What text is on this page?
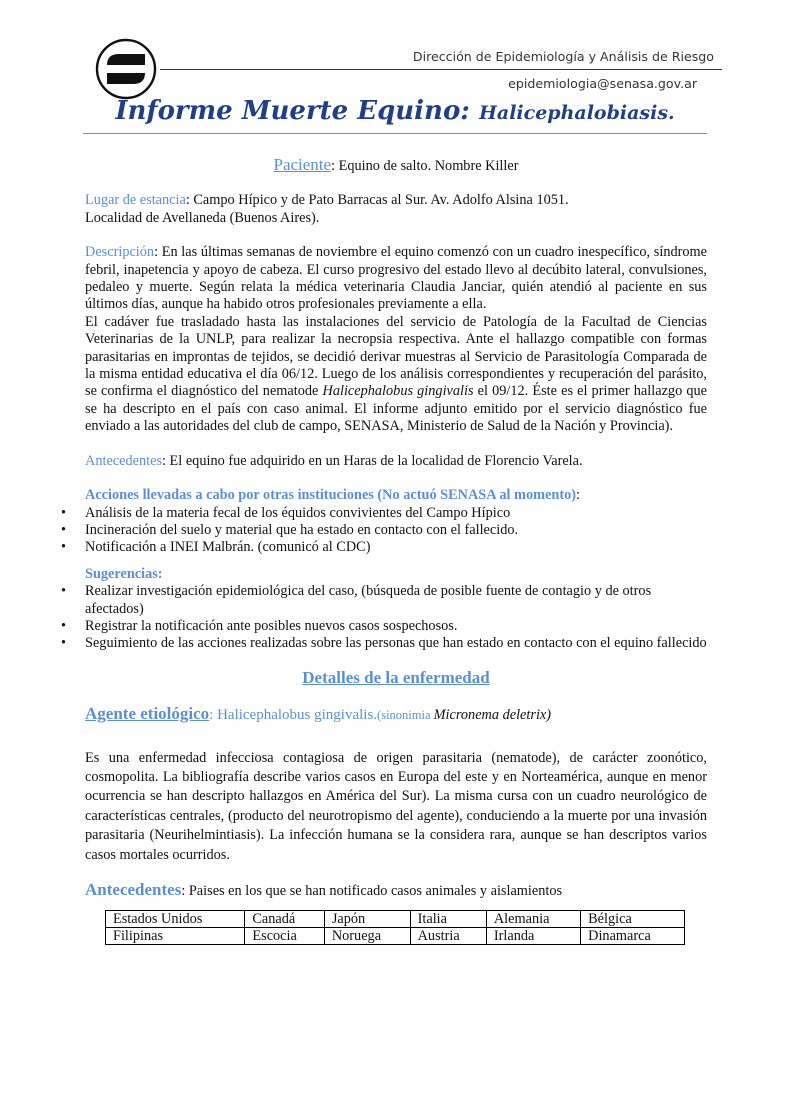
Dirección de Epidemiología y Análisis de Riesgo
epidemiologia@senasa.gov.ar
Informe Muerte Equino: Halicephalobiasis.

Paciente: Equino de salto. Nombre Killer

Lugar de estancia: Campo Hípico y de Pato Barracas al Sur. Av. Adolfo Alsina 1051.
Localidad de Avellaneda (Buenos Aires).

Descripción: En las últimas semanas de noviembre el equino comenzó con un cuadro inespecífico, síndrome febril, inapetencia y apoyo de cabeza. El curso progresivo del estado llevo al decúbito lateral, convulsiones, pedaleo y muerte. Según relata la médica veterinaria Claudia Janciar, quién atendió al paciente en sus últimos días, aunque ha habido otros profesionales previamente a ella.

El cadáver fue trasladado hasta las instalaciones del servicio de Patología de la Facultad de Ciencias Veterinarias de la UNLP, para realizar la necropsia respectiva. Ante el hallazgo compatible con formas parasitarias en improntas de tejidos, se decidió derivar muestras al Servicio de Parasitología Comparada de la misma entidad educativa el día 06/12. Luego de los análisis correspondientes y recuperación del parásito, se confirma el diagnóstico del nematode Halicephalobus gingivalis el 09/12. Éste es el primer hallazgo que se ha descripto en el país con caso animal. El informe adjunto emitido por el servicio diagnóstico fue enviado a las autoridades del club de campo, SENASA, Ministerio de Salud de la Nación y Provincia).

Antecedentes: El equino fue adquirido en un Haras de la localidad de Florencio Varela.

Acciones llevadas a cabo por otras instituciones (No actuó SENASA al momento):

• Análisis de la materia fecal de los équidos convivientes del Campo Hípico
• Incineración del suelo y material que ha estado en contacto con el fallecido.
• Notificación a INEI Malbrán. (comunicó al CDC)

Sugerencias:

• Realizar investigación epidemiológica del caso, (búsqueda de posible fuente de contagio y de otros afectados)
• Registrar la notificación ante posibles nuevos casos sospechosos.
• Seguimiento de las acciones realizadas sobre las personas que han estado en contacto con el equino fallecido

Detalles de la enfermedad

Agente etiológico: Halicephalobus gingivalis.(sinonimia Micronema deletrix)

Es una enfermedad infecciosa contagiosa de origen parasitaria (nematode), de carácter zoonótico, cosmopolita. La bibliografía describe varios casos en Europa del este y en Norteamérica, aunque en menor ocurrencia se han descripto hallazgos en América del Sur). La misma cursa con un cuadro neurológico de características centrales, (producto del neurotropismo del agente), conduciendo a la muerte por una invasión parasitaria (Neurihelmintiasis). La infección humana se la considera rara, aunque se han descriptos varios casos mortales ocurridos.

Antecedentes: Paises en los que se han notificado casos animales y aislamientos

Estados Unidos	Canadá	Japón	Italia	Alemania	Bélgica
Filipinas	Escocia	Noruega	Austria	Irlanda	Dinamarca
